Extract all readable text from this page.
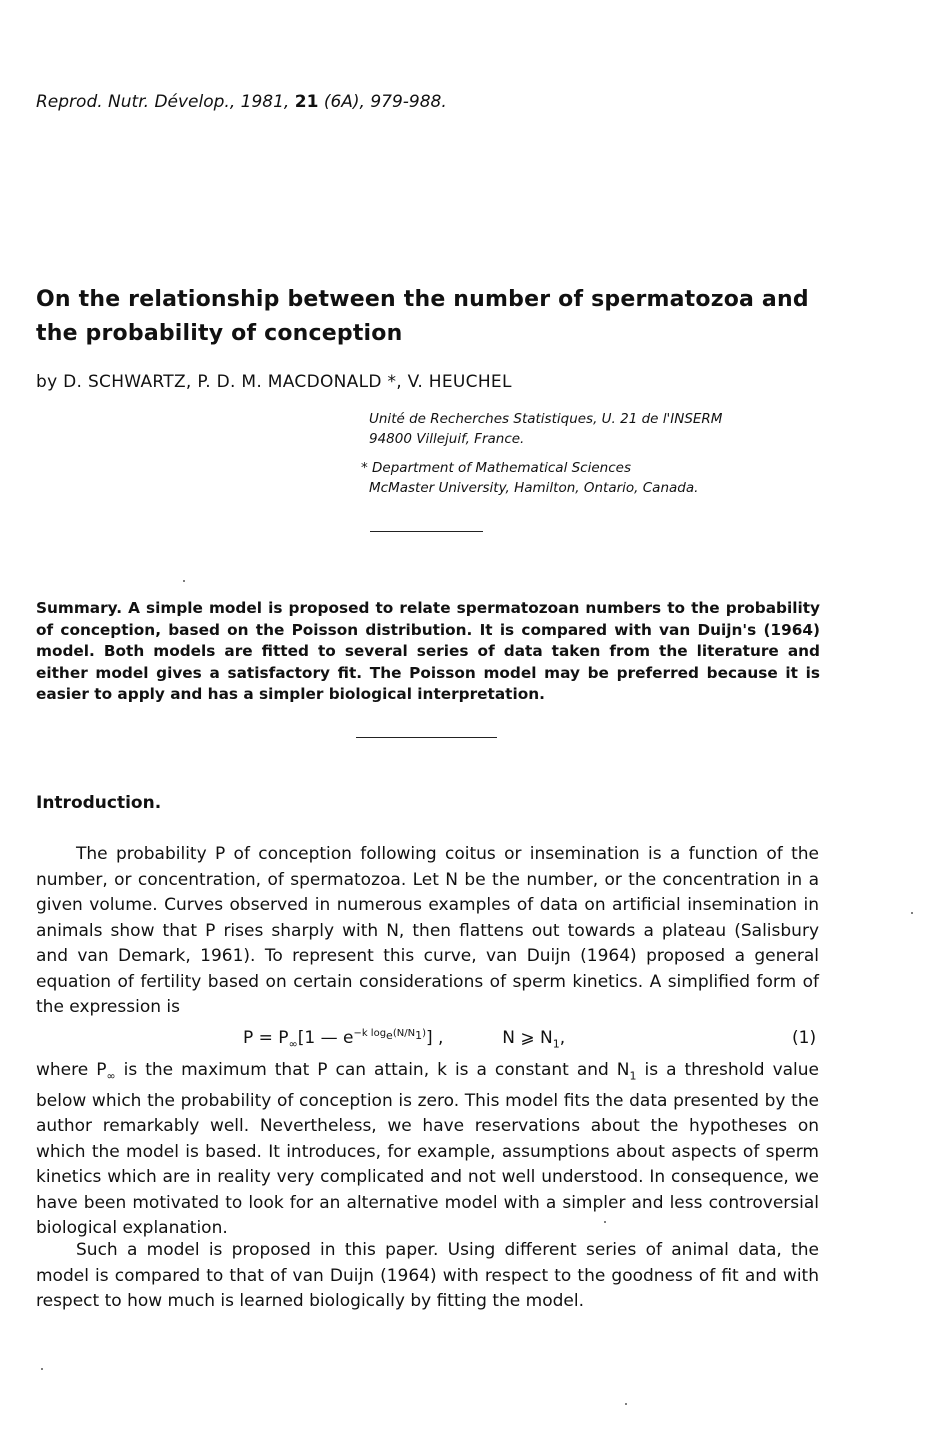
Reprod. Nutr. Dévelop., 1981, 21 (6A), 979-988.
On the relationship between the number of spermatozoa and the probability of conception
by D. SCHWARTZ, P. D. M. MACDONALD *, V. HEUCHEL
Unité de Recherches Statistiques, U. 21 de l'INSERM
94800 Villejuif, France.
* Department of Mathematical Sciences
McMaster University, Hamilton, Ontario, Canada.
Summary. A simple model is proposed to relate spermatozoan numbers to the probability of conception, based on the Poisson distribution. It is compared with van Duijn's (1964) model. Both models are fitted to several series of data taken from the literature and either model gives a satisfactory fit. The Poisson model may be preferred because it is easier to apply and has a simpler biological interpretation.
Introduction.
The probability P of conception following coitus or insemination is a function of the number, or concentration, of spermatozoa. Let N be the number, or the concentration in a given volume. Curves observed in numerous examples of data on artificial insemination in animals show that P rises sharply with N, then flattens out towards a plateau (Salisbury and van Demark, 1961). To represent this curve, van Duijn (1964) proposed a general equation of fertility based on certain considerations of sperm kinetics. A simplified form of the expression is
$P = P_\infty[1$ — $e^{-k log_e(N/N_1)}$] ,	N ⩾ $N_1$,	(1)
where $P_\infty$ is the maximum that P can attain, k is a constant and $N_1$ is a threshold value below which the probability of conception is zero. This model fits the data presented by the author remarkably well. Nevertheless, we have reservations about the hypotheses on which the model is based. It introduces, for example, assumptions about aspects of sperm kinetics which are in reality very complicated and not well understood. In consequence, we have been motivated to look for an alternative model with a simpler and less controversial biological explanation.
Such a model is proposed in this paper. Using different series of animal data, the model is compared to that of van Duijn (1964) with respect to the goodness of fit and with respect to how much is learned biologically by fitting the model.
